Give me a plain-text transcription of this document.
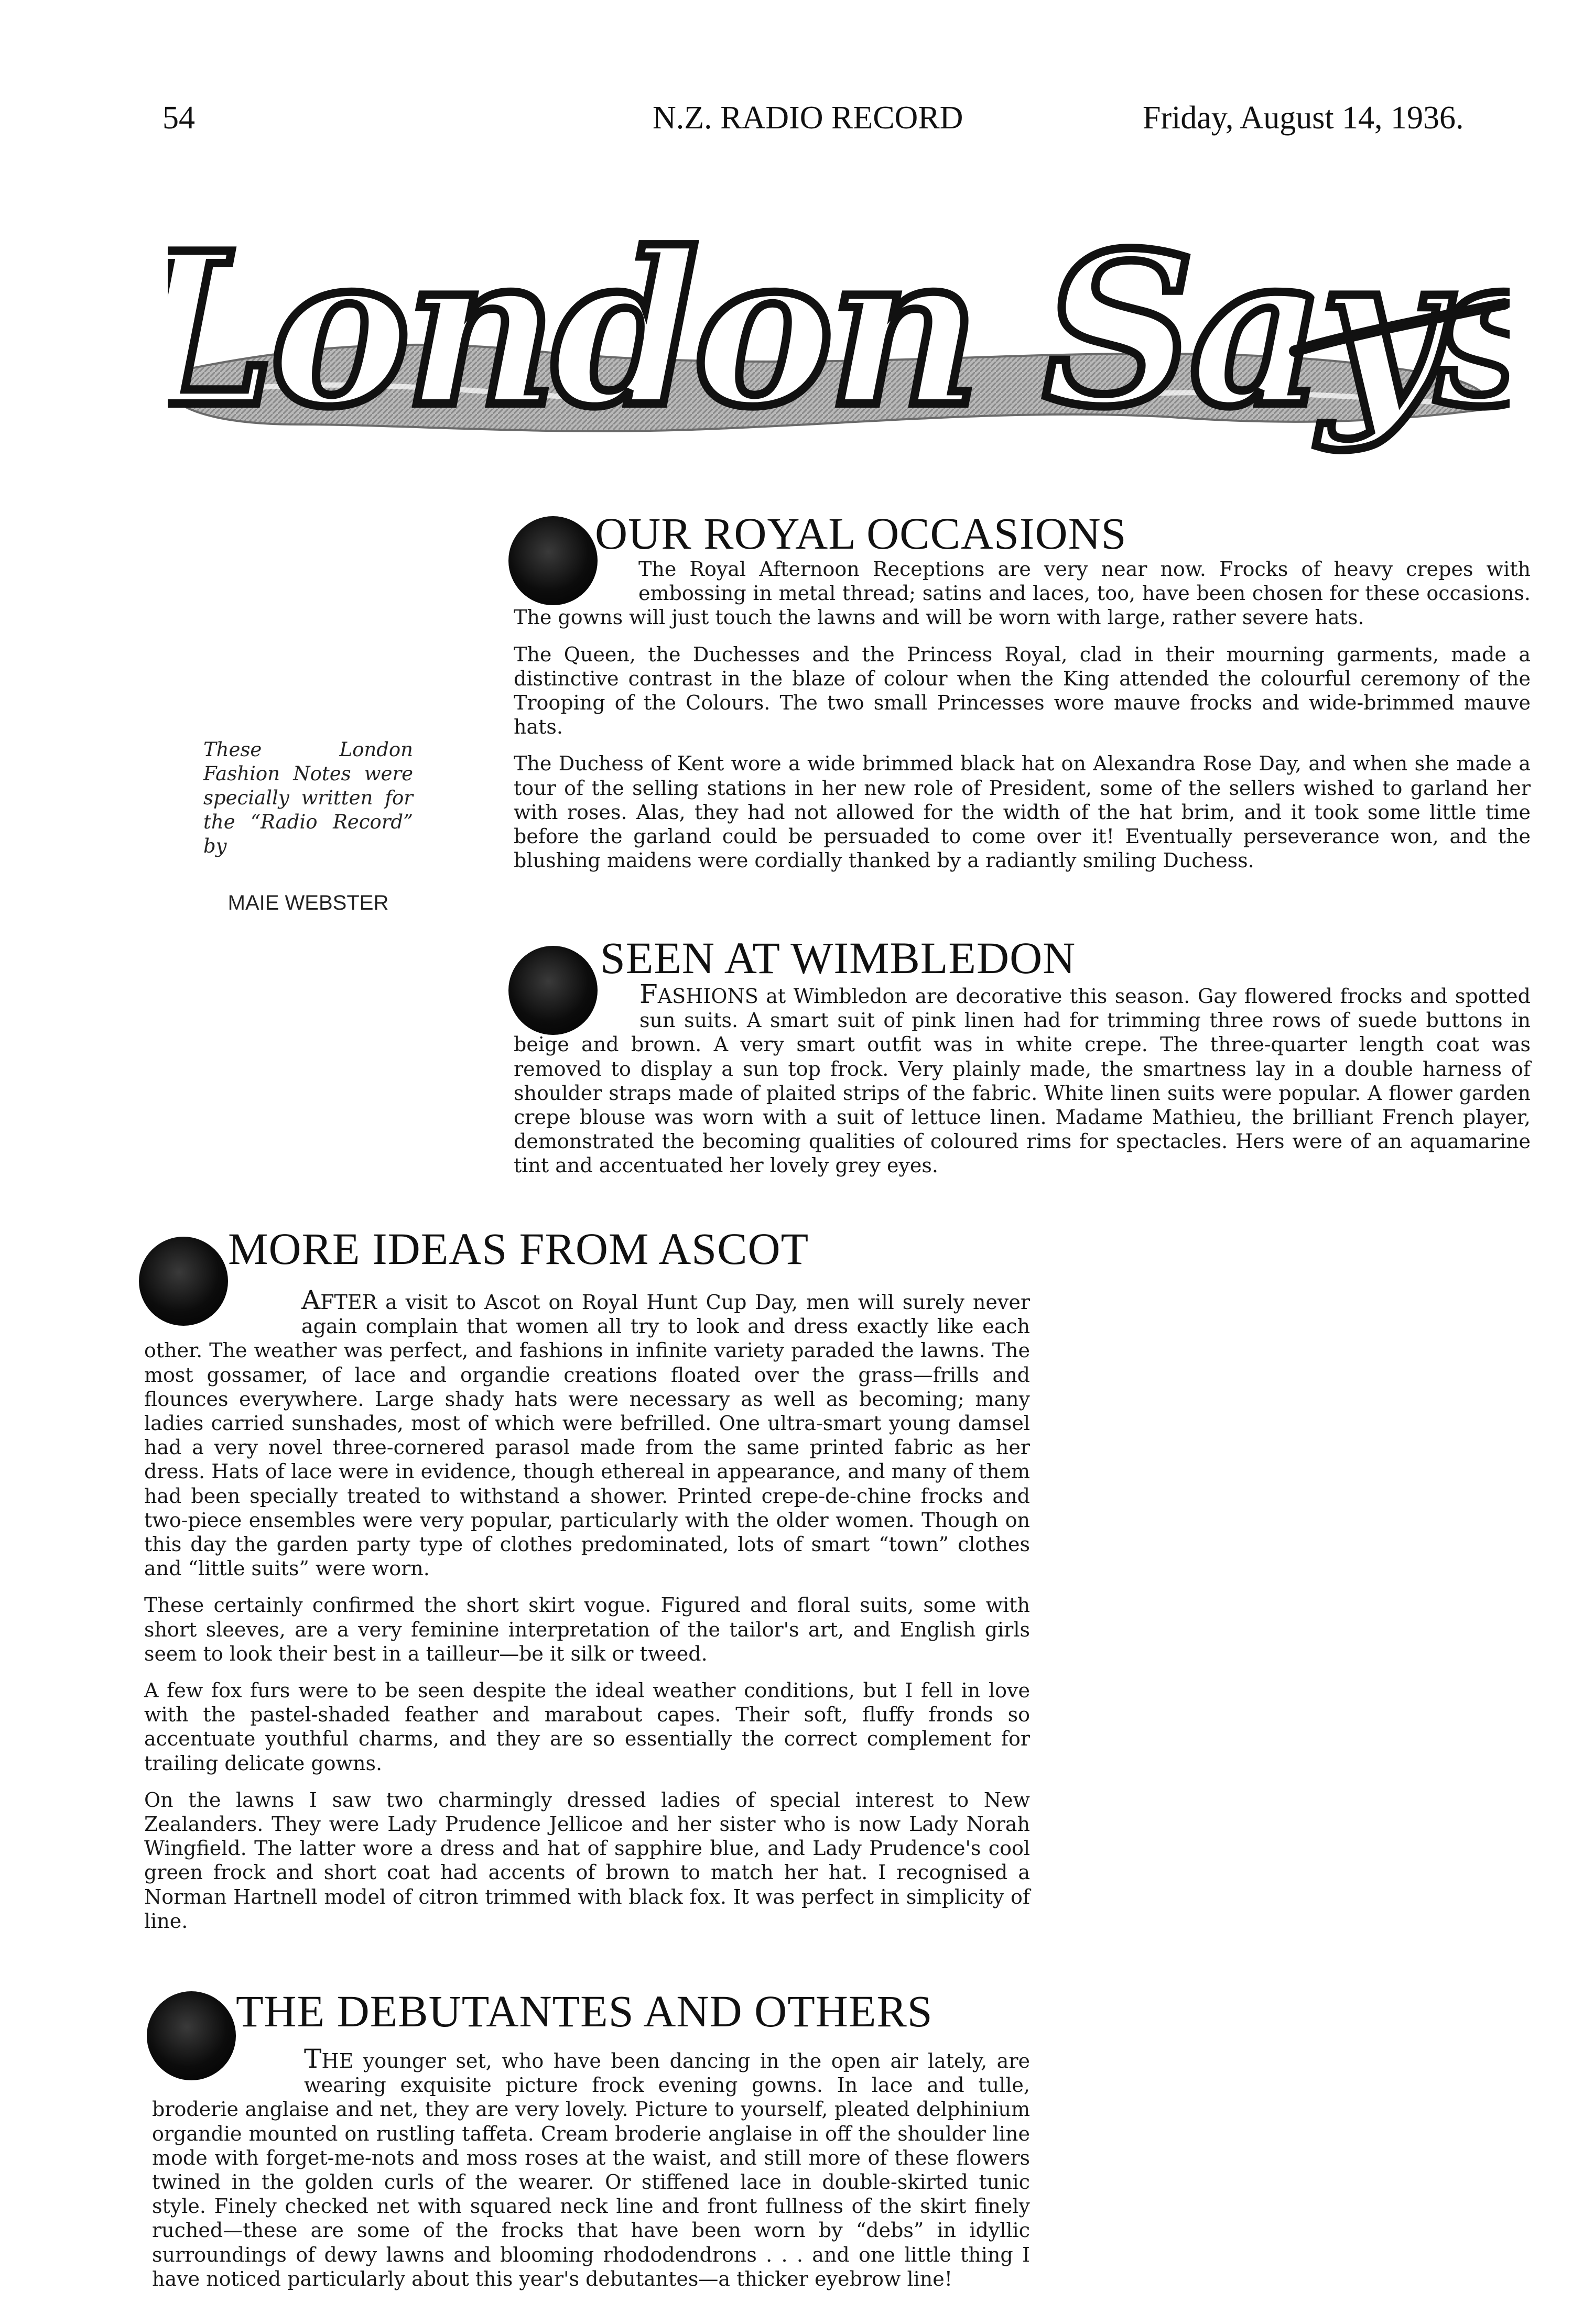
54	N.Z. RADIO RECORD	Friday, August 14, 1936.
London Says
OUR ROYAL OCCASIONS

The Royal Afternoon Receptions are very near now. Frocks of heavy crepes with embossing in metal thread; satins and laces, too, have been chosen for these occasions. The gowns will just touch the lawns and will be worn with large, rather severe hats.

The Queen, the Duchesses and the Princess Royal, clad in their mourning garments, made a distinctive contrast in the blaze of colour when the King attended the colourful ceremony of the Trooping of the Colours. The two small Princesses wore mauve frocks and wide-brimmed mauve hats.

The Duchess of Kent wore a wide brimmed black hat on Alexandra Rose Day, and when she made a tour of the selling stations in her new role of President, some of the sellers wished to garland her with roses. Alas, they had not allowed for the width of the hat brim, and it took some little time before the garland could be persuaded to come over it! Eventually perseverance won, and the blushing maidens were cordially thanked by a radiantly smiling Duchess.

These London Fashion Notes were specially written for the “Radio Record” by
MAIE WEBSTER
SEEN AT WIMBLEDON

FASHIONS at Wimbledon are decorative this season. Gay flowered frocks and spotted sun suits. A smart suit of pink linen had for trimming three rows of suede buttons in beige and brown. A very smart outfit was in white crepe. The three-quarter length coat was removed to display a sun top frock. Very plainly made, the smartness lay in a double harness of shoulder straps made of plaited strips of the fabric. White linen suits were popular. A flower garden crepe blouse was worn with a suit of lettuce linen. Madame Mathieu, the brilliant French player, demonstrated the becoming qualities of coloured rims for spectacles. Hers were of an aquamarine tint and accentuated her lovely grey eyes.

MORE IDEAS FROM ASCOT

AFTER a visit to Ascot on Royal Hunt Cup Day, men will surely never again complain that women all try to look and dress exactly like each other. The weather was perfect, and fashions in infinite variety paraded the lawns. The most gossamer, of lace and organdie creations floated over the grass—frills and flounces everywhere. Large shady hats were necessary as well as becoming; many ladies carried sunshades, most of which were befrilled. One ultra-smart young damsel had a very novel three-cornered parasol made from the same printed fabric as her dress. Hats of lace were in evidence, though ethereal in appearance, and many of them had been specially treated to withstand a shower. Printed crepe-de-chine frocks and two-piece ensembles were very popular, particularly with the older women. Though on this day the garden party type of clothes predominated, lots of smart “town” clothes and “little suits” were worn.

These certainly confirmed the short skirt vogue. Figured and floral suits, some with short sleeves, are a very feminine interpretation of the tailor's art, and English girls seem to look their best in a tailleur—be it silk or tweed.

A few fox furs were to be seen despite the ideal weather conditions, but I fell in love with the pastel-shaded feather and marabout capes. Their soft, fluffy fronds so accentuate youthful charms, and they are so essentially the correct complement for trailing delicate gowns.

On the lawns I saw two charmingly dressed ladies of special interest to New Zealanders. They were Lady Prudence Jellicoe and her sister who is now Lady Norah Wingfield. The latter wore a dress and hat of sapphire blue, and Lady Prudence's cool green frock and short coat had accents of brown to match her hat. I recognised a Norman Hartnell model of citron trimmed with black fox. It was perfect in simplicity of line.

THE DEBUTANTES AND OTHERS

THE younger set, who have been dancing in the open air lately, are wearing exquisite picture frock evening gowns. In lace and tulle, broderie anglaise and net, they are very lovely. Picture to yourself, pleated delphinium organdie mounted on rustling taffeta. Cream broderie anglaise in off the shoulder line mode with forget-me-nots and moss roses at the waist, and still more of these flowers twined in the golden curls of the wearer. Or stiffened lace in double-skirted tunic style. Finely checked net with squared neck line and front fullness of the skirt finely ruched—these are some of the frocks that have been worn by “debs” in idyllic surroundings of dewy lawns and blooming rhododendrons . . . and one little thing I have noticed particularly about this year's debutantes—a thicker eyebrow line!
